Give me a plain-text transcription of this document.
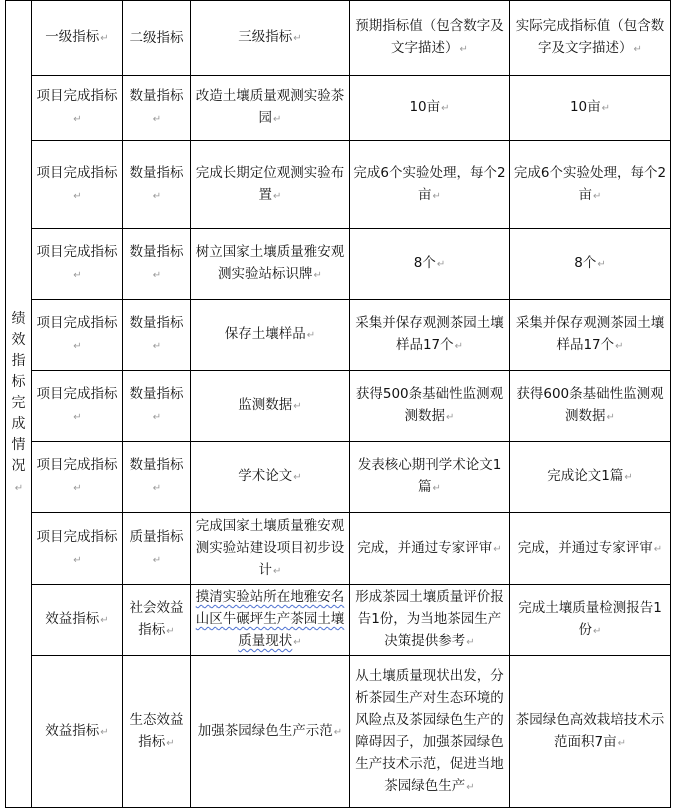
绩效指标完成情况↵	一级指标↵	二级指标	三级指标↵	预期指标值（包含数字及文字描述）↵	实际完成指标值（包含数字及文字描述）↵
	项目完成指标↵	数量指标↵	改造土壤质量观测实验茶园↵	10亩↵	10亩↵
	项目完成指标↵	数量指标↵	完成长期定位观测实验布置↵	完成6个实验处理，每个2亩↵	完成6个实验处理，每个2亩↵
	项目完成指标↵	数量指标↵	树立国家土壤质量雅安观测实验站标识牌↵	8个↵	8个↵
	项目完成指标↵	数量指标↵	保存土壤样品↵	采集并保存观测茶园土壤样品17个↵	采集并保存观测茶园土壤样品17个↵
	项目完成指标↵	数量指标↵	监测数据↵	获得500条基础性监测观测数据↵	获得600条基础性监测观测数据↵
	项目完成指标↵	数量指标↵	学术论文↵	发表核心期刊学术论文1篇↵	完成论文1篇↵
	项目完成指标↵	质量指标↵	完成国家土壤质量雅安观测实验站建设项目初步设计↵	完成，并通过专家评审↵	完成，并通过专家评审↵
	效益指标↵	社会效益指标↵	摸清实验站所在地雅安名山区牛碾坪生产茶园土壤质量现状↵	形成茶园土壤质量评价报告1份，为当地茶园生产决策提供参考↵	完成土壤质量检测报告1份↵
	效益指标↵	生态效益指标↵	加强茶园绿色生产示范↵	从土壤质量现状出发，分析茶园生产对生态环境的风险点及茶园绿色生产的障碍因子，加强茶园绿色生产技术示范，促进当地茶园绿色生产↵	茶园绿色高效栽培技术示范面积7亩↵
